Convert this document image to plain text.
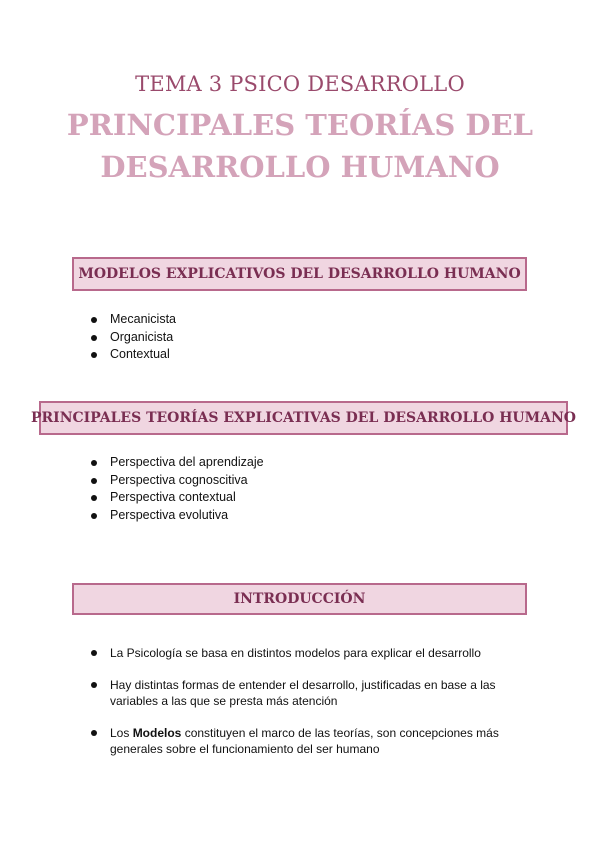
TEMA 3 PSICO DESARROLLO
PRINCIPALES TEORÍAS DEL
DESARROLLO HUMANO
MODELOS EXPLICATIVOS DEL DESARROLLO HUMANO
Mecanicista
Organicista
Contextual
PRINCIPALES TEORÍAS EXPLICATIVAS DEL DESARROLLO HUMANO
Perspectiva del aprendizaje
Perspectiva cognoscitiva
Perspectiva contextual
Perspectiva evolutiva
INTRODUCCIÓN
La Psicología se basa en distintos modelos para explicar el desarrollo
Hay distintas formas de entender el desarrollo, justificadas en base a las variables a las que se presta más atención
Los Modelos constituyen el marco de las teorías, son concepciones más generales sobre el funcionamiento del ser humano
